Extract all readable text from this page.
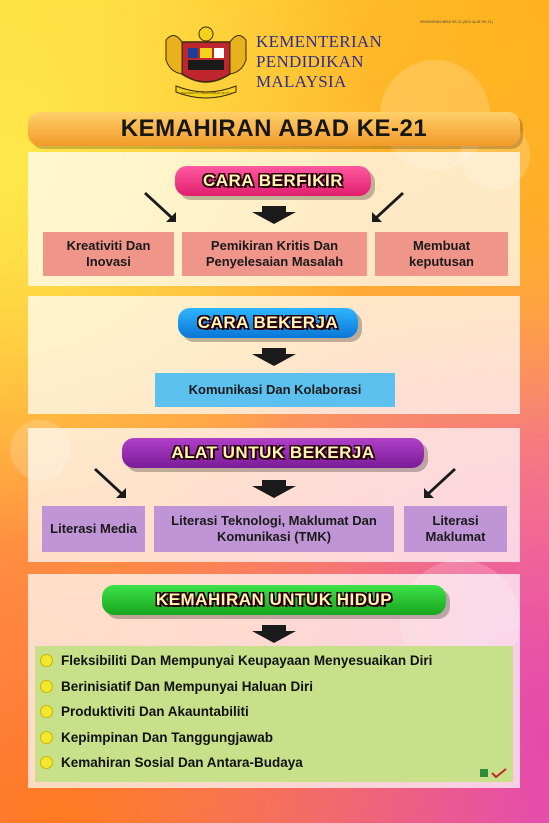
BERSEKUTU BERTAMBAH MUTU
KEMENTERIAN
PENDIDIKAN
MALAYSIA
KEMAHIRAN ABAD KE-21 (SKIL ALAF KE-21)
KEMAHIRAN ABAD KE-21
CARA BERFIKIR
Kreativiti Dan Inovasi
Pemikiran Kritis Dan Penyelesaian Masalah
Membuat keputusan
CARA BEKERJA
Komunikasi Dan Kolaborasi
ALAT UNTUK BEKERJA
Literasi Media
Literasi Teknologi, Maklumat Dan Komunikasi (TMK)
Literasi Maklumat
KEMAHIRAN UNTUK HIDUP
Fleksibiliti Dan Mempunyai Keupayaan Menyesuaikan Diri
Berinisiatif Dan Mempunyai Haluan Diri
Produktiviti Dan Akauntabiliti
Kepimpinan Dan Tanggungjawab
Kemahiran Sosial Dan Antara-Budaya
